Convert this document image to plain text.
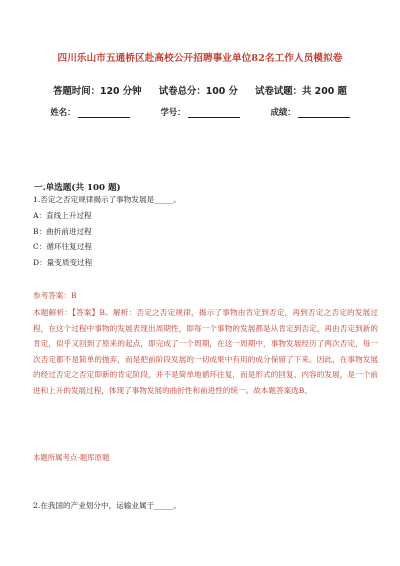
四川乐山市五通桥区赴高校公开招聘事业单位82名工作人员模拟卷
答题时间：120 分钟 试卷总分：100 分 试卷试题：共 200 题
姓名：	学号：	成绩：
一.单选题(共 100 题)
1.否定之否定规律揭示了事物发展是_____。
A：直线上升过程
B：曲折前进过程
C：循环往复过程
D：量变质变过程
参考答案：B
本题解析：【答案】B。解析：否定之否定规律，揭示了事物由肯定到否定，再到否定之否定的发展过程，在这个过程中事物的发展表现出周期性，即每一个事物的发展都是从肯定到否定，再由否定到新的肯定，似乎又回到了原来的起点，即完成了一个周期，在这一周期中，事物发展经历了两次否定，每一次否定都不是简单的抛弃，而是把前阶段发展的一切成果中有用的成分保留了下来。因此，在事物发展的经过否定之否定即新的肯定阶段，并不是简单地循环往复，而是形式的回复、内容的发展，是一个前进和上升的发展过程，体现了事物发展的曲折性和前进性的统一。故本题答案选B。
本题所属考点-题库原题
2.在我国的产业划分中，运输业属于_____。
